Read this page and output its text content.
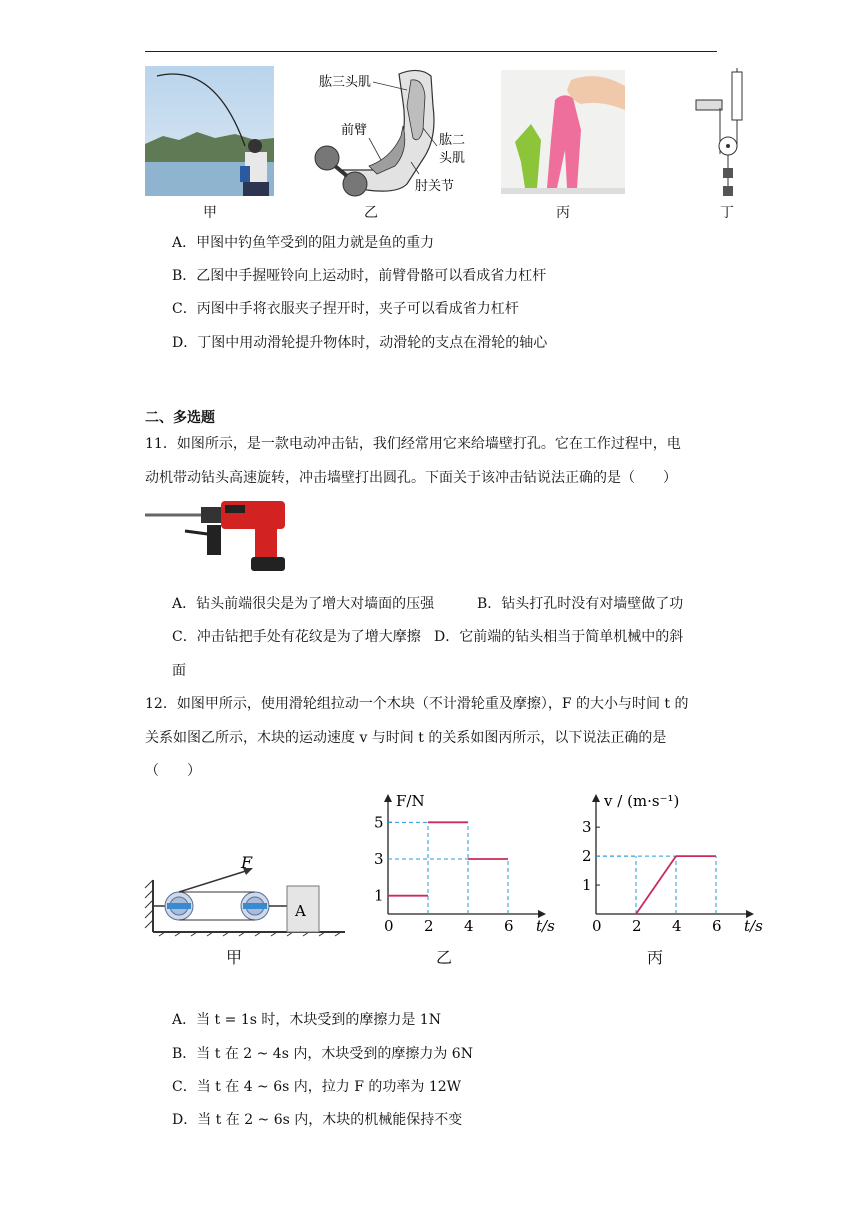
肱三头肌
前臂
肱二
头肌
肘关节
甲	乙	丙	丁
A．甲图中钓鱼竿受到的阻力就是鱼的重力
B．乙图中手握哑铃向上运动时，前臂骨骼可以看成省力杠杆
C．丙图中手将衣服夹子捏开时，夹子可以看成省力杠杆
D．丁图中用动滑轮提升物体时，动滑轮的支点在滑轮的轴心
二、多选题
11．如图所示，是一款电动冲击钻，我们经常用它来给墙壁打孔。它在工作过程中，电
动机带动钻头高速旋转，冲击墙壁打出圆孔。下面关于该冲击钻说法正确的是（　　）
A．钻头前端很尖是为了增大对墙面的压强	B．钻头打孔时没有对墙壁做了功
C．冲击钻把手处有花纹是为了增大摩擦 D．它前端的钻头相当于简单机械中的斜
面
12．如图甲所示，使用滑轮组拉动一个木块（不计滑轮重及摩擦），F 的大小与时间 t 的
关系如图乙所示，木块的运动速度 v 与时间 t 的关系如图丙所示，以下说法正确的是
（　　）
F
A
0 2 4 6
1
3
5
t/s
F/N
0 2 4 6
1
2
3
t/s
v / (m·s⁻¹)
甲	乙	丙
A．当 t = 1s 时，木块受到的摩擦力是 1N
B．当 t 在 2 ~ 4s 内，木块受到的摩擦力为 6N
C．当 t 在 4 ~ 6s 内，拉力 F 的功率为 12W
D．当 t 在 2 ~ 6s 内，木块的机械能保持不变
